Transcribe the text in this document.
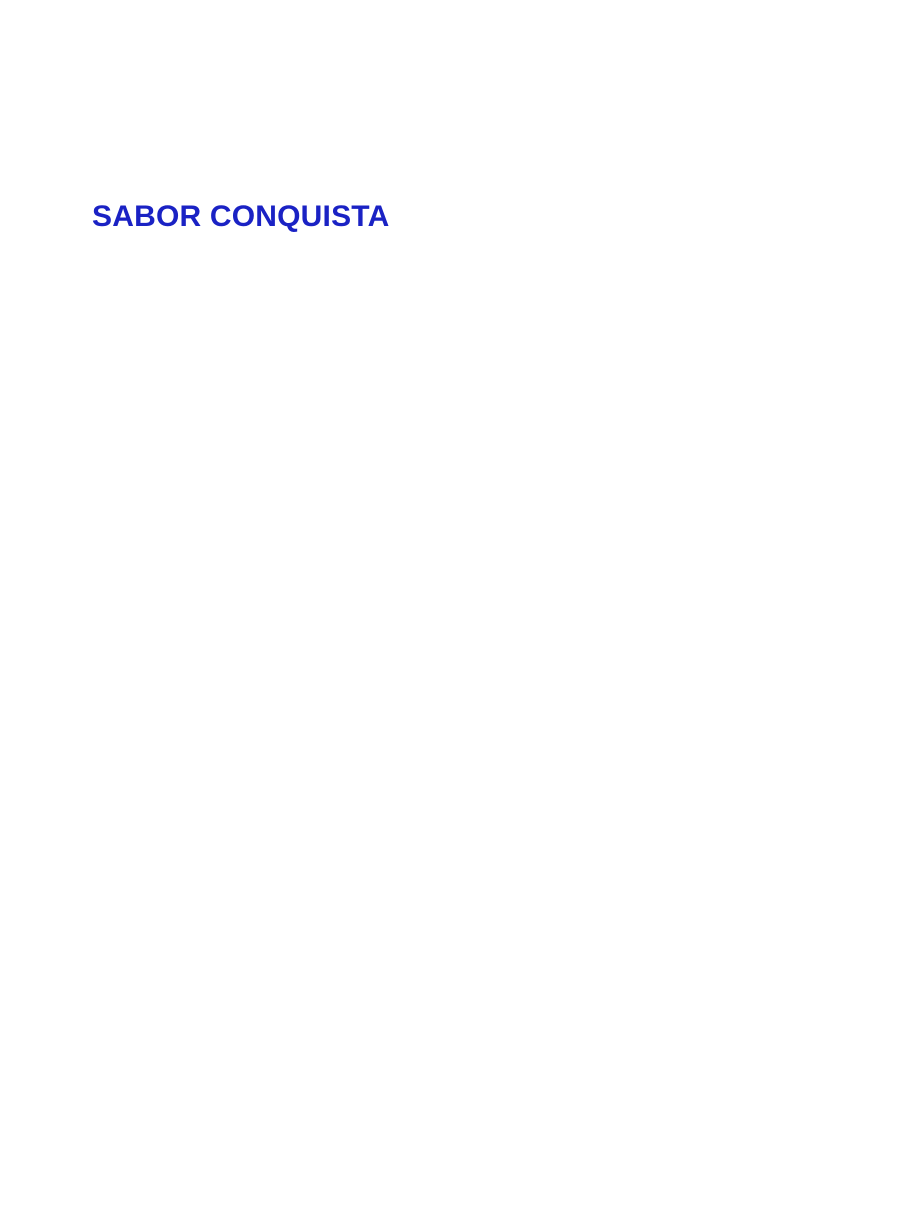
SABOR CONQUISTA
